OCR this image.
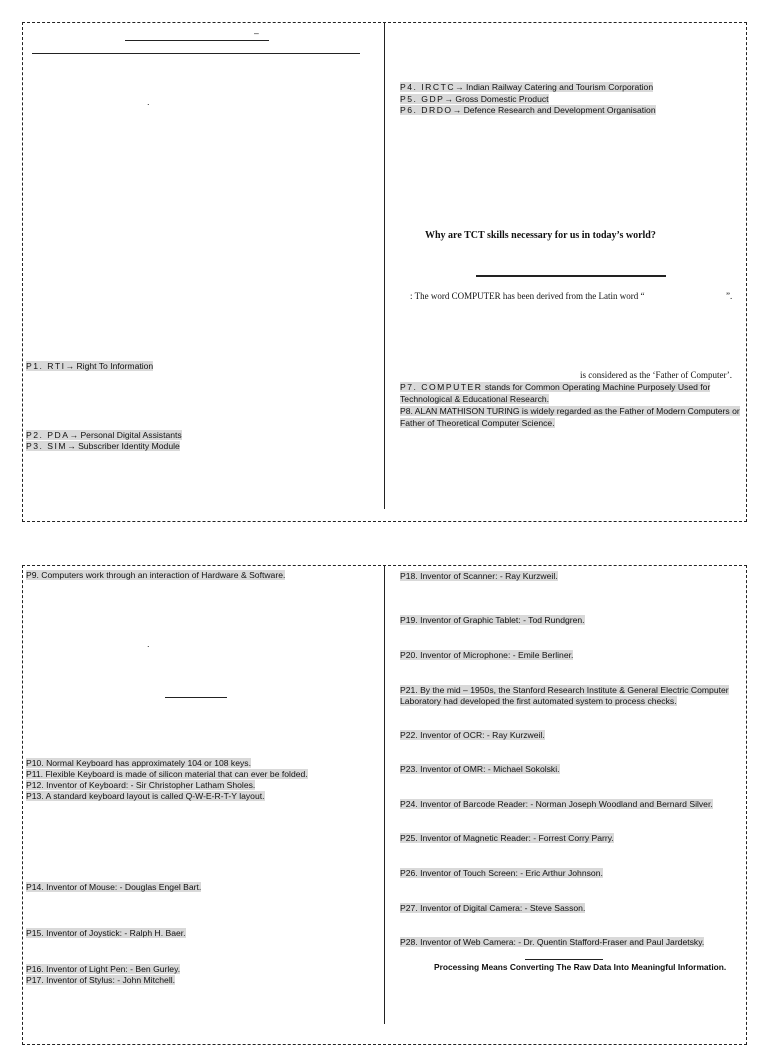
–
.
P1. RTI→ Right To Information
P2. PDA→ Personal Digital Assistants
P3. SIM→ Subscriber Identity Module
P4. IRCTC→ Indian Railway Catering and Tourism Corporation
P5. GDP→ Gross Domestic Product
P6. DRDO→ Defence Research and Development Organisation
Why are TCT skills necessary for us in today’s world?
: The word COMPUTER has been derived from the Latin word “	”.
is considered as the ‘Father of Computer’.
P7. COMPUTER stands for Common Operating Machine Purposely Used for
Technological & Educational Research.
P8. ALAN MATHISON TURING is widely regarded as the Father of Modern Computers or
Father of Theoretical Computer Science.
P9. Computers work through an interaction of Hardware & Software.
.
P10. Normal Keyboard has approximately 104 or 108 keys.
P11. Flexible Keyboard is made of silicon material that can ever be folded.
P12. Inventor of Keyboard: - Sir Christopher Latham Sholes.
P13. A standard keyboard layout is called Q-W-E-R-T-Y layout.
P14. Inventor of Mouse: - Douglas Engel Bart.
P15. Inventor of Joystick: - Ralph H. Baer.
P16. Inventor of Light Pen: - Ben Gurley.
P17. Inventor of Stylus: - John Mitchell.
P18. Inventor of Scanner: - Ray Kurzweil.
P19. Inventor of Graphic Tablet: - Tod Rundgren.
P20. Inventor of Microphone: - Emile Berliner.
P21. By the mid – 1950s, the Stanford Research Institute & General Electric Computer
Laboratory had developed the first automated system to process checks.
P22. Inventor of OCR: - Ray Kurzweil.
P23. Inventor of OMR: - Michael Sokolski.
P24. Inventor of Barcode Reader: - Norman Joseph Woodland and Bernard Silver.
P25. Inventor of Magnetic Reader: - Forrest Corry Parry.
P26. Inventor of Touch Screen: - Eric Arthur Johnson.
P27. Inventor of Digital Camera: - Steve Sasson.
P28. Inventor of Web Camera: - Dr. Quentin Stafford-Fraser and Paul Jardetsky.
Processing Means Converting The Raw Data Into Meaningful Information.
